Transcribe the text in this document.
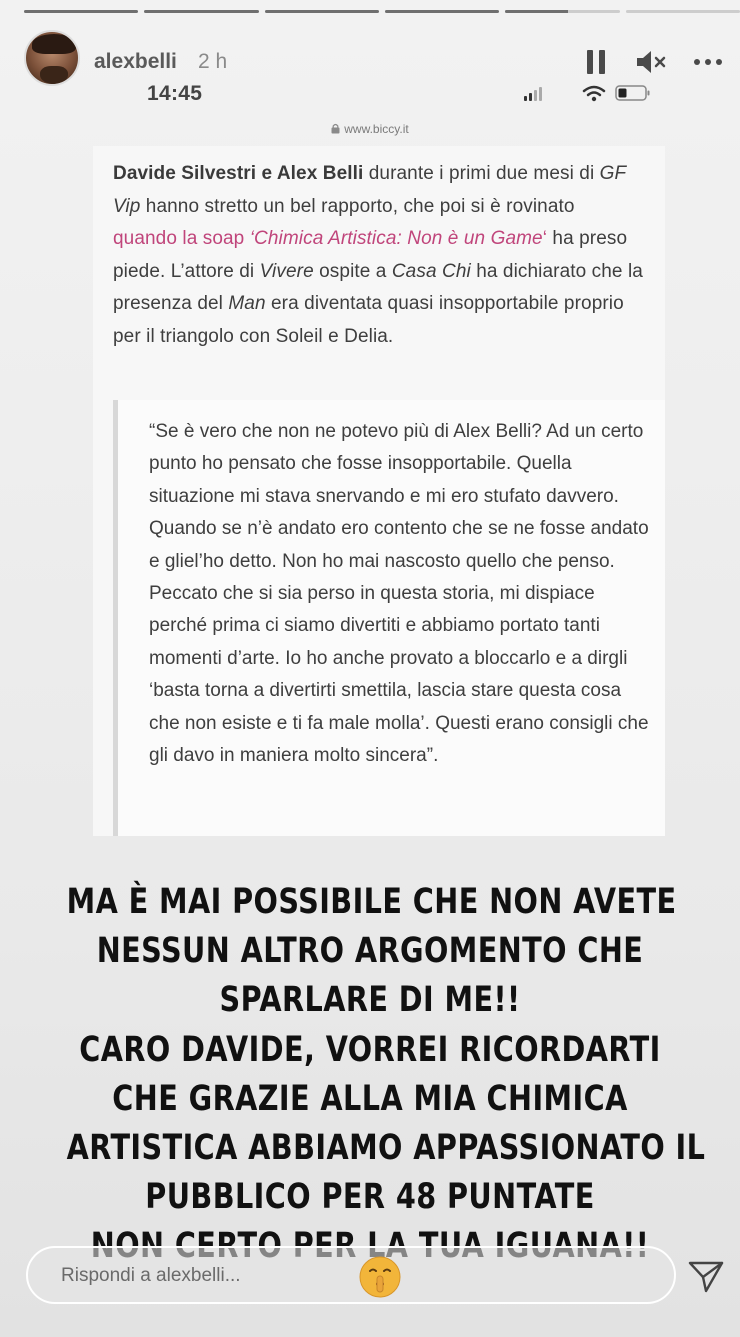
alexbelli 2 h
14:45
www.biccy.it

Davide Silvestri e Alex Belli durante i primi due mesi di GF Vip hanno stretto un bel rapporto, che poi si è rovinato quando la soap ‘Chimica Artistica: Non è un Game‘ ha preso piede. L’attore di Vivere ospite a Casa Chi ha dichiarato che la presenza del Man era diventata quasi insopportabile proprio per il triangolo con Soleil e Delia.

“Se è vero che non ne potevo più di Alex Belli? Ad un certo punto ho pensato che fosse insopportabile. Quella situazione mi stava snervando e mi ero stufato davvero. Quando se n’è andato ero contento che se ne fosse andato e gliel’ho detto. Non ho mai nascosto quello che penso. Peccato che si sia perso in questa storia, mi dispiace perché prima ci siamo divertiti e abbiamo portato tanti momenti d’arte. Io ho anche provato a bloccarlo e a dirgli ‘basta torna a divertirti smettila, lascia stare questa cosa che non esiste e ti fa male molla’. Questi erano consigli che gli davo in maniera molto sincera”.

MA È MAI POSSIBILE CHE NON AVETE
NESSUN ALTRO ARGOMENTO CHE
SPARLARE DI ME!!
CARO DAVIDE, VORREI RICORDARTI
CHE GRAZIE ALLA MIA CHIMICA
ARTISTICA ABBIAMO APPASSIONATO IL
PUBBLICO PER 48 PUNTATE
Rispondi a alexbelli...
